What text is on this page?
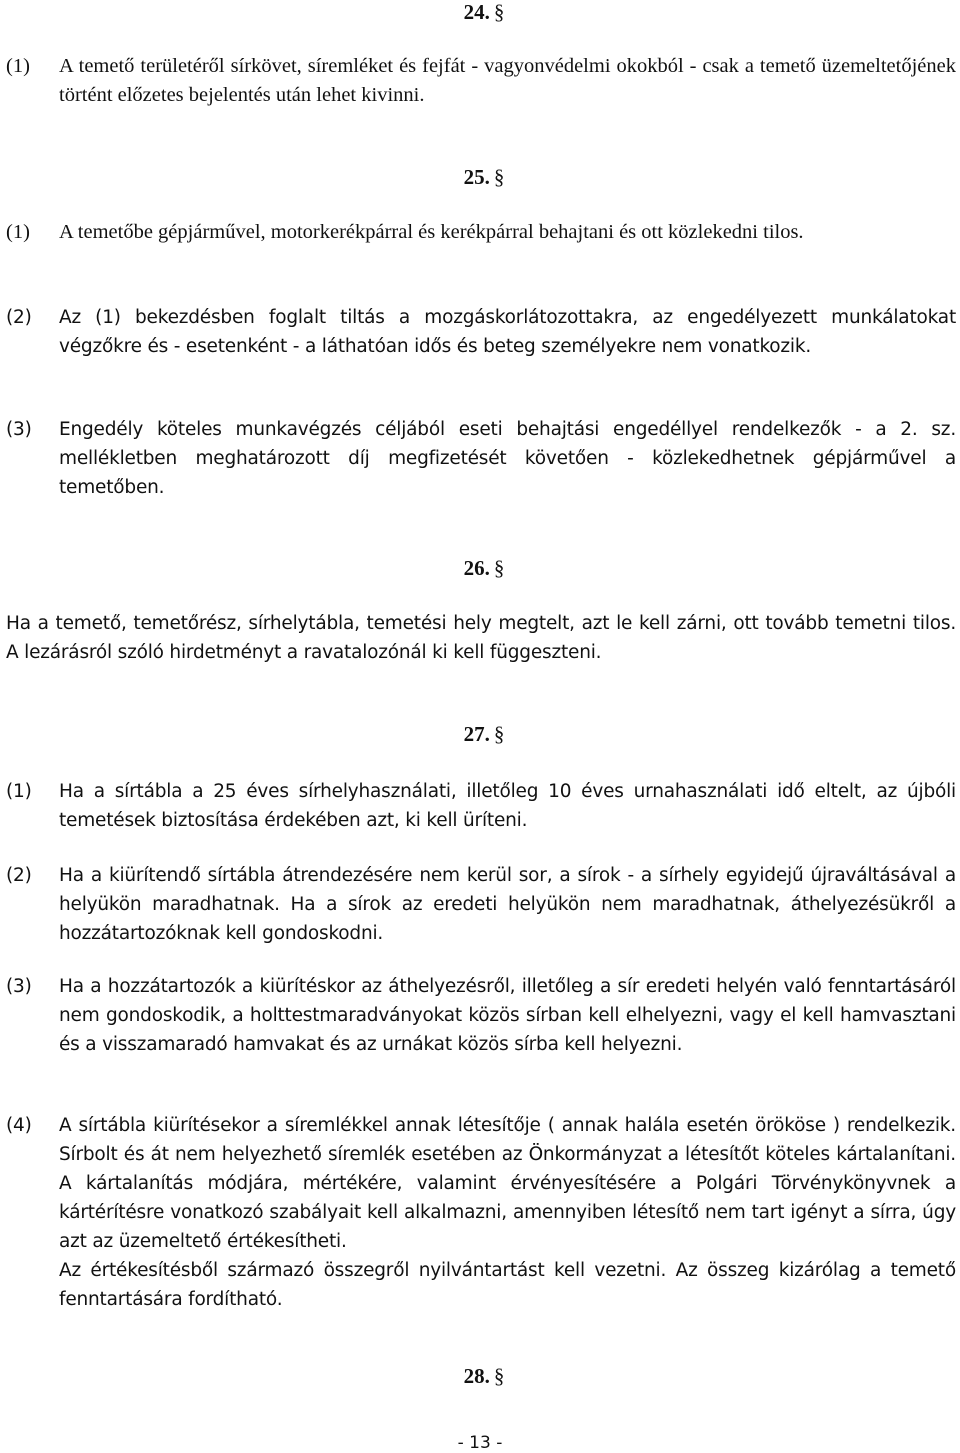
24. §
(1)	A temető területéről sírkövet, síremléket és fejfát - vagyonvédelmi okokból - csak a temető üzemeltetőjének történt előzetes bejelentés után lehet kivinni.
25. §
(1)	A temetőbe gépjárművel, motorkerékpárral és kerékpárral behajtani és ott közlekedni tilos.
(2)	Az (1) bekezdésben foglalt tiltás a mozgáskorlátozottakra, az engedélyezett munkálatokat végzőkre és - esetenként - a láthatóan idős és beteg személyekre nem vonatkozik.
(3)	Engedély köteles munkavégzés céljából eseti behajtási engedéllyel rendelkezők - a 2. sz. mellékletben meghatározott díj megfizetését követően - közlekedhetnek gépjárművel a temetőben.
26. §
Ha a temető, temetőrész, sírhelytábla, temetési hely megtelt, azt le kell zárni, ott tovább temetni tilos. A lezárásról szóló hirdetményt a ravatalozónál ki kell függeszteni.
27. §
(1)	Ha a sírtábla a 25 éves sírhelyhasználati, illetőleg 10 éves urnahasználati idő eltelt, az újbóli temetések biztosítása érdekében azt, ki kell üríteni.
(2)	Ha a kiürítendő sírtábla átrendezésére nem kerül sor, a sírok - a sírhely egyidejű újraváltásával a helyükön maradhatnak. Ha a sírok az eredeti helyükön nem maradhatnak, áthelyezésükről a hozzátartozóknak kell gondoskodni.
(3)	Ha a hozzátartozók a kiürítéskor az áthelyezésről, illetőleg a sír eredeti helyén való fenntartásáról nem gondoskodik, a holttestmaradványokat közös sírban kell elhelyezni, vagy el kell hamvasztani és a visszamaradó hamvakat és az urnákat közös sírba kell helyezni.
(4)	A sírtábla kiürítésekor a síremlékkel annak létesítője ( annak halála esetén örököse ) rendelkezik. Sírbolt és át nem helyezhető síremlék esetében az Önkormányzat a létesítőt köteles kártalanítani. A kártalanítás módjára, mértékére, valamint érvényesítésére a Polgári Törvénykönyvnek a kártérítésre vonatkozó szabályait kell alkalmazni, amennyiben létesítő nem tart igényt a sírra, úgy azt az üzemeltető értékesítheti.
Az értékesítésből származó összegről nyilvántartást kell vezetni. Az összeg kizárólag a temető fenntartására fordítható.
28. §
- 13 -
